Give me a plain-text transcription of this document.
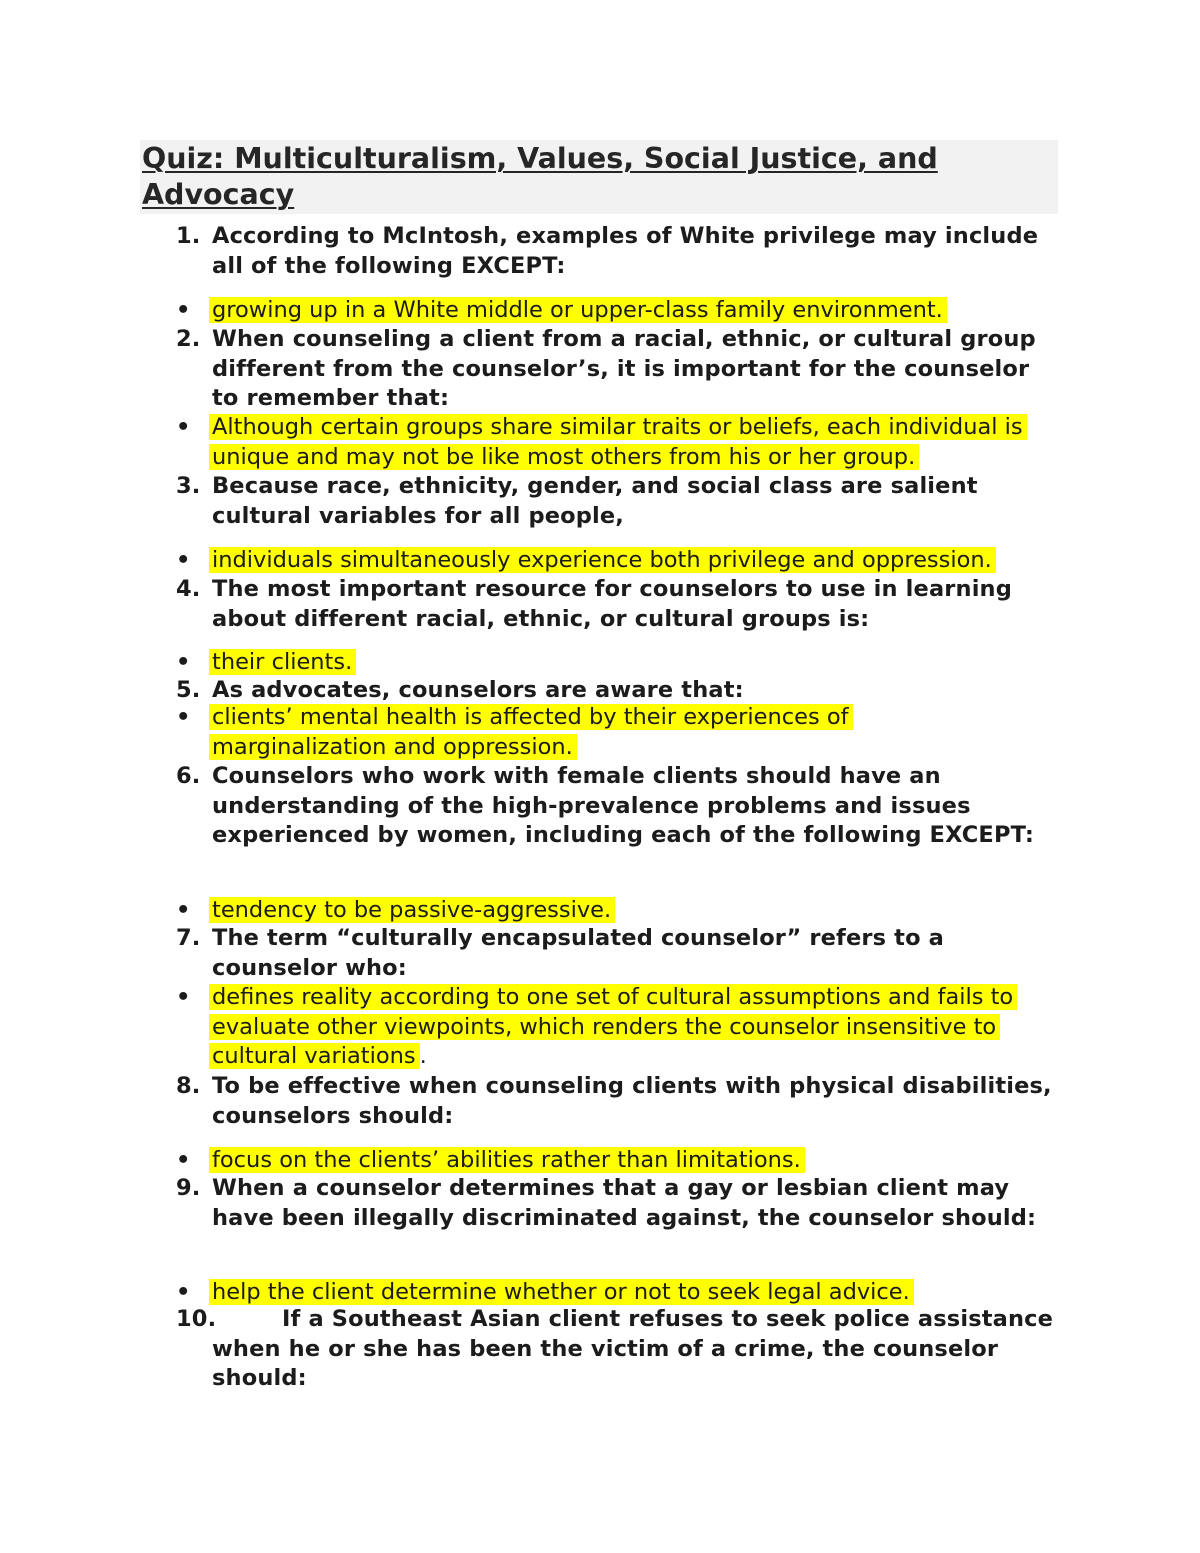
Quiz: Multiculturalism, Values, Social Justice, and Advocacy

1. According to McIntosh, examples of White privilege may include all of the following EXCEPT:

• growing up in a White middle or upper-class family environment.

2. When counseling a client from a racial, ethnic, or cultural group different from the counselor’s, it is important for the counselor to remember that:

• Although certain groups share similar traits or beliefs, each individual is unique and may not be like most others from his or her group.

3. Because race, ethnicity, gender, and social class are salient cultural variables for all people,

• individuals simultaneously experience both privilege and oppression.

4. The most important resource for counselors to use in learning about different racial, ethnic, or cultural groups is:

• their clients.

5. As advocates, counselors are aware that:

• clients’ mental health is affected by their experiences of marginalization and oppression.

6. Counselors who work with female clients should have an understanding of the high-prevalence problems and issues experienced by women, including each of the following EXCEPT:

• tendency to be passive-aggressive.

7. The term “culturally encapsulated counselor” refers to a counselor who:

• defines reality according to one set of cultural assumptions and fails to evaluate other viewpoints, which renders the counselor insensitive to cultural variations .

8. To be effective when counseling clients with physical disabilities, counselors should:

• focus on the clients’ abilities rather than limitations.

9. When a counselor determines that a gay or lesbian client may have been illegally discriminated against, the counselor should:

• help the client determine whether or not to seek legal advice.

10.	If a Southeast Asian client refuses to seek police assistance when he or she has been the victim of a crime, the counselor should:
